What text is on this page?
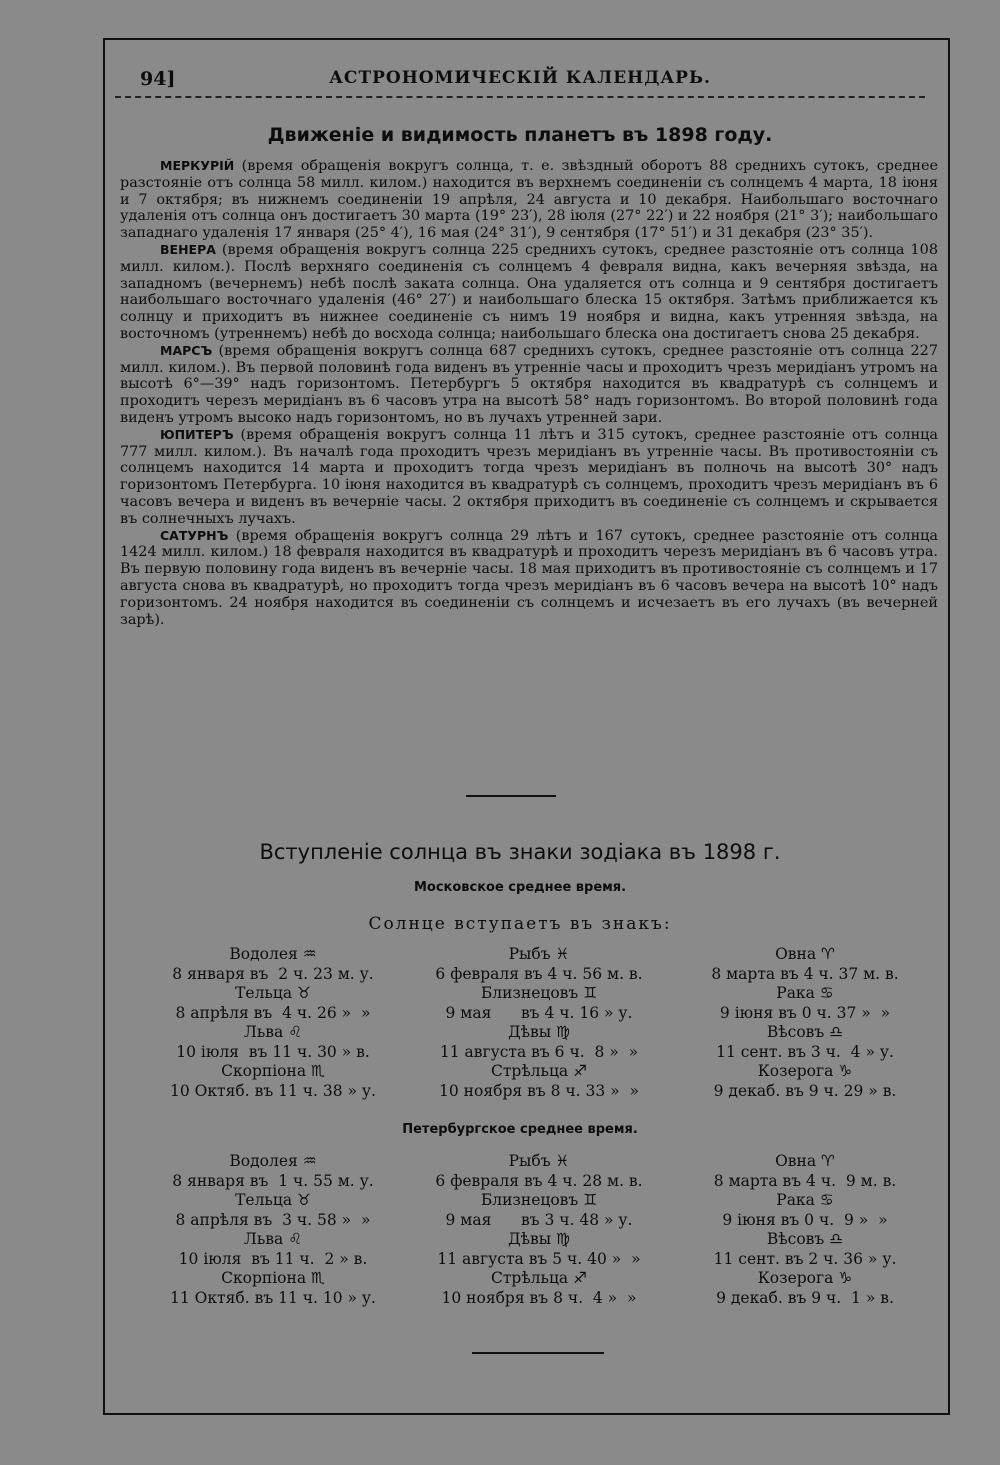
94]	АСТРОНОМИЧЕСКІЙ КАЛЕНДАРЬ.
Движеніе и видимость планетъ въ 1898 году.

МЕРКУРІЙ (время обращенія вокругъ солнца, т. е. звѣздный оборотъ 88 среднихъ сутокъ, среднее разстояніе отъ солнца 58 милл. килом.) находится въ верхнемъ соединеніи съ солнцемъ 4 марта, 18 іюня и 7 октября; въ нижнемъ соединеніи 19 апрѣля, 24 августа и 10 декабря. Наибольшаго восточнаго удаленія отъ солнца онъ достигаетъ 30 марта (19° 23′), 28 іюля (27° 22′) и 22 ноября (21° 3′); наибольшаго западнаго удаленія 17 января (25° 4′), 16 мая (24° 31′), 9 сентября (17° 51′) и 31 декабря (23° 35′).

ВЕНЕРА (время обращенія вокругъ солнца 225 среднихъ сутокъ, среднее разстояніе отъ солнца 108 милл. килом.). Послѣ верхняго соединенія съ солнцемъ 4 февраля видна, какъ вечерняя звѣзда, на западномъ (вечернемъ) небѣ послѣ заката солнца. Она удаляется отъ солнца и 9 сентября достигаетъ наибольшаго восточнаго удаленія (46° 27′) и наибольшаго блеска 15 октября. Затѣмъ приближается къ солнцу и приходитъ въ нижнее соединеніе съ нимъ 19 ноября и видна, какъ утренняя звѣзда, на восточномъ (утреннемъ) небѣ до восхода солнца; наибольшаго блеска она достигаетъ снова 25 декабря.

МАРСЪ (время обращенія вокругъ солнца 687 среднихъ сутокъ, среднее разстояніе отъ солнца 227 милл. килом.). Въ первой половинѣ года виденъ въ утренніе часы и проходитъ чрезъ меридіанъ утромъ на высотѣ 6°—39° надъ горизонтомъ. Петербургъ 5 октября находится въ квадратурѣ съ солнцемъ и проходитъ черезъ меридіанъ въ 6 часовъ утра на высотѣ 58° надъ горизонтомъ. Во второй половинѣ года виденъ утромъ высоко надъ горизонтомъ, но въ лучахъ утренней зари.

ЮПИТЕРЪ (время обращенія вокругъ солнца 11 лѣтъ и 315 сутокъ, среднее разстояніе отъ солнца 777 милл. килом.). Въ началѣ года проходитъ чрезъ меридіанъ въ утренніе часы. Въ противостояніи съ солнцемъ находится 14 марта и проходитъ тогда чрезъ меридіанъ въ полночь на высотѣ 30° надъ горизонтомъ Петербурга. 10 іюня находится въ квадратурѣ съ солнцемъ, проходитъ чрезъ меридіанъ въ 6 часовъ вечера и виденъ въ вечерніе часы. 2 октября приходитъ въ соединеніе съ солнцемъ и скрывается въ солнечныхъ лучахъ.

САТУРНЪ (время обращенія вокругъ солнца 29 лѣтъ и 167 сутокъ, среднее разстояніе отъ солнца 1424 милл. килом.) 18 февраля находится въ квадратурѣ и проходитъ черезъ меридіанъ въ 6 часовъ утра. Въ первую половину года виденъ въ вечерніе часы. 18 мая приходитъ въ противостояніе съ солнцемъ и 17 августа снова въ квадратурѣ, но проходитъ тогда чрезъ меридіанъ въ 6 часовъ вечера на высотѣ 10° надъ горизонтомъ. 24 ноября находится въ соединеніи съ солнцемъ и исчезаетъ въ его лучахъ (въ вечерней зарѣ).

Вступленіе солнца въ знаки зодіака въ 1898 г.
Московское среднее время.
Солнце вступаетъ въ знакъ:
Водолея ♒
8 января въ  2 ч. 23 м. у.
Рыбъ ♓
6 февраля въ 4 ч. 56 м. в.
Овна ♈
8 марта въ 4 ч. 37 м. в.
Тельца ♉
8 апрѣля въ  4 ч. 26 »  »
Близнецовъ ♊
9 мая      въ 4 ч. 16 » у.
Рака ♋
9 іюня въ 0 ч. 37 »  »
Льва ♌
10 іюля  въ 11 ч. 30 » в.
Дѣвы ♍
11 августа въ 6 ч.  8 »  »
Вѣсовъ ♎
11 сент. въ 3 ч.  4 » у.
Скорпіона ♏
10 Октяб. въ 11 ч. 38 » у.
Стрѣльца ♐
10 ноября въ 8 ч. 33 »  »
Козерога ♑
9 декаб. въ 9 ч. 29 » в.
Петербургское среднее время.
Водолея ♒
8 января въ  1 ч. 55 м. у.
Рыбъ ♓
6 февраля въ 4 ч. 28 м. в.
Овна ♈
8 марта въ 4 ч.  9 м. в.
Тельца ♉
8 апрѣля въ  3 ч. 58 »  »
Близнецовъ ♊
9 мая      въ 3 ч. 48 » у.
Рака ♋
9 іюня въ 0 ч.  9 »  »
Льва ♌
10 іюля  въ 11 ч.  2 » в.
Дѣвы ♍
11 августа въ 5 ч. 40 »  »
Вѣсовъ ♎
11 сент. въ 2 ч. 36 » у.
Скорпіона ♏
11 Октяб. въ 11 ч. 10 » у.
Стрѣльца ♐
10 ноября въ 8 ч.  4 »  »
Козерога ♑
9 декаб. въ 9 ч.  1 » в.
